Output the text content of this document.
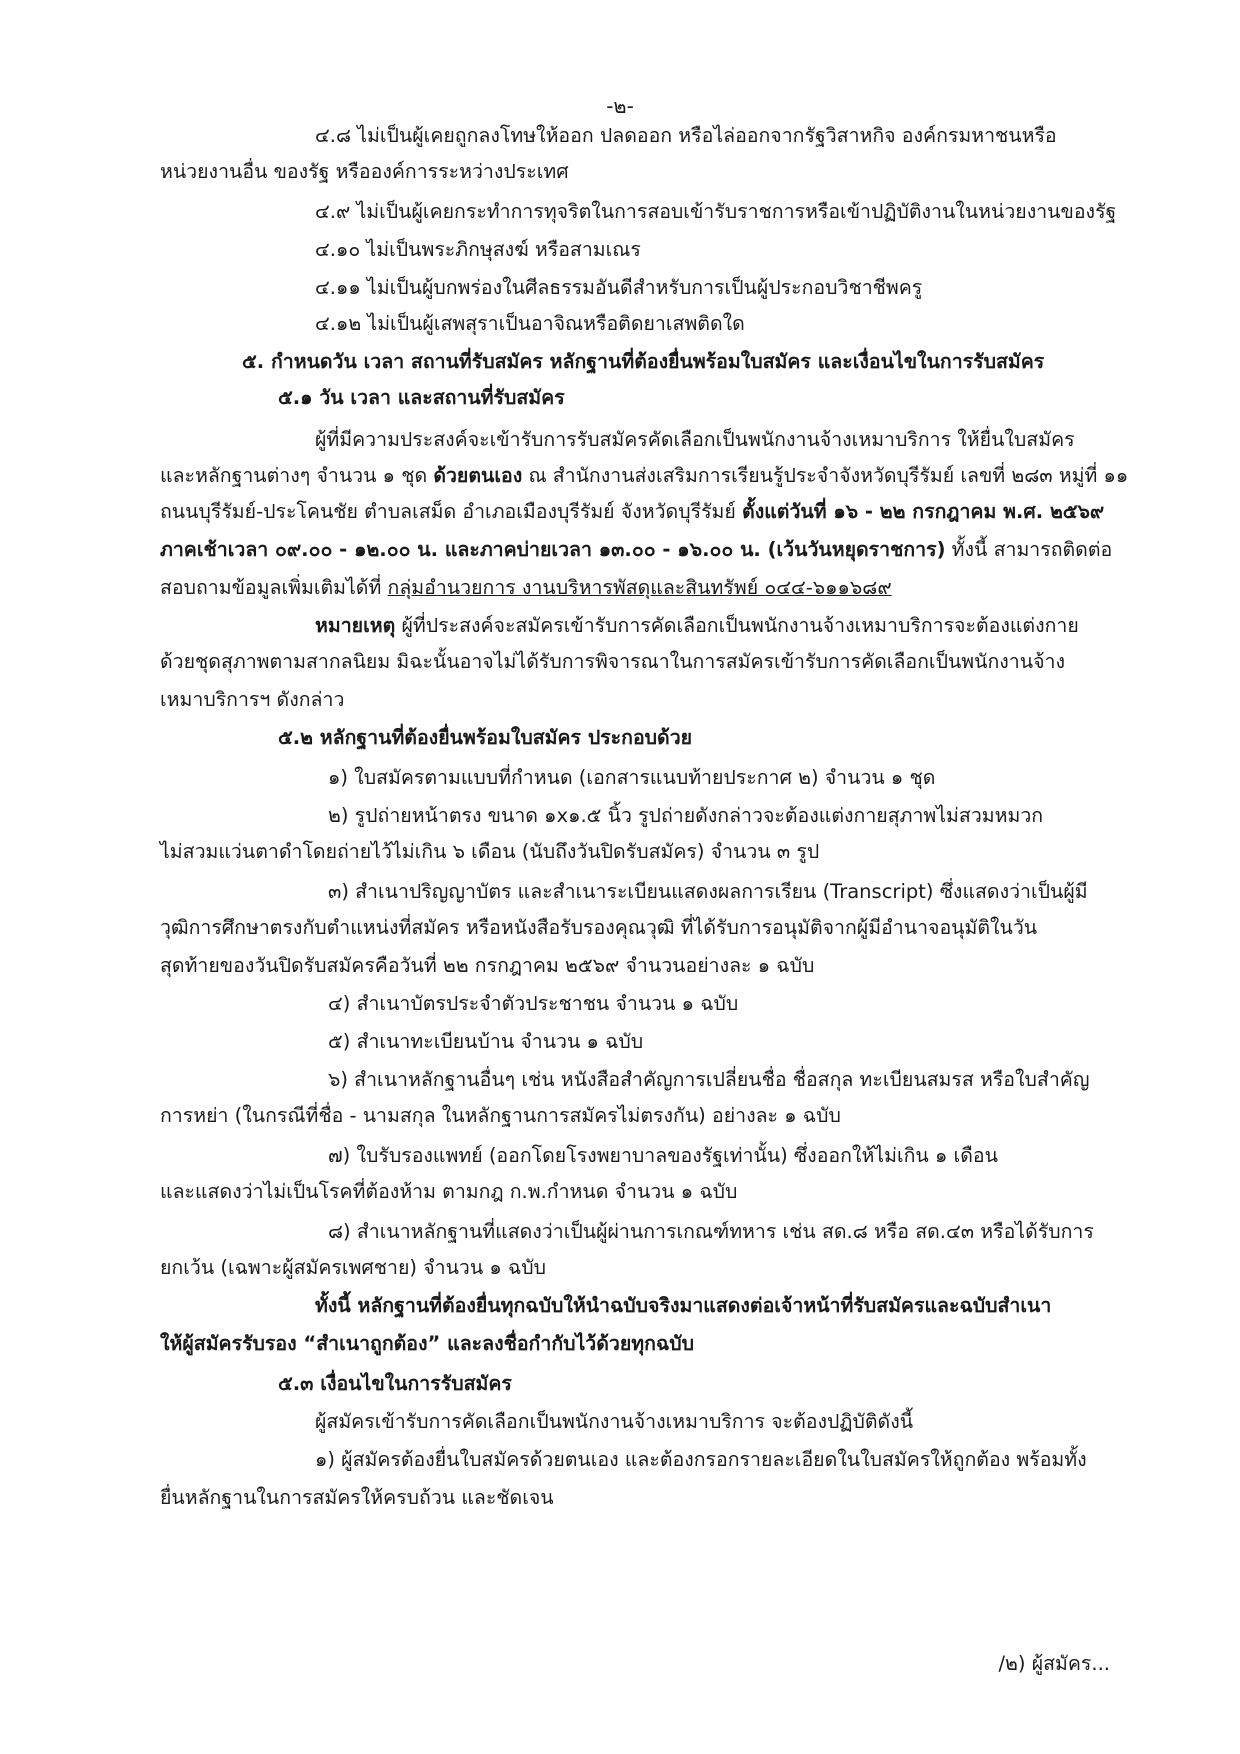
-๒-
๔.๘ ไม่เป็นผู้เคยถูกลงโทษให้ออก ปลดออก หรือไล่ออกจากรัฐวิสาหกิจ องค์กรมหาชนหรือ
หน่วยงานอื่น ของรัฐ หรือองค์การระหว่างประเทศ
๔.๙ ไม่เป็นผู้เคยกระทำการทุจริตในการสอบเข้ารับราชการหรือเข้าปฏิบัติงานในหน่วยงานของรัฐ
๔.๑๐ ไม่เป็นพระภิกษุสงฆ์ หรือสามเณร
๔.๑๑ ไม่เป็นผู้บกพร่องในศีลธรรมอันดีสำหรับการเป็นผู้ประกอบวิชาชีพครู
๔.๑๒ ไม่เป็นผู้เสพสุราเป็นอาจิณหรือติดยาเสพติดใด
๕. กำหนดวัน เวลา สถานที่รับสมัคร หลักฐานที่ต้องยื่นพร้อมใบสมัคร และเงื่อนไขในการรับสมัคร
๕.๑ วัน เวลา และสถานที่รับสมัคร
ผู้ที่มีความประสงค์จะเข้ารับการรับสมัครคัดเลือกเป็นพนักงานจ้างเหมาบริการ ให้ยื่นใบสมัคร
และหลักฐานต่างๆ จำนวน ๑ ชุด ด้วยตนเอง ณ สำนักงานส่งเสริมการเรียนรู้ประจำจังหวัดบุรีรัมย์ เลขที่ ๒๘๓ หมู่ที่ ๑๑
ถนนบุรีรัมย์-ประโคนชัย ตำบลเสม็ด อำเภอเมืองบุรีรัมย์ จังหวัดบุรีรัมย์ ตั้งแต่วันที่ ๑๖ - ๒๒ กรกฎาคม พ.ศ. ๒๕๖๙
ภาคเช้าเวลา ๐๙.๐๐ - ๑๒.๐๐ น. และภาคบ่ายเวลา ๑๓.๐๐ - ๑๖.๐๐ น. (เว้นวันหยุดราชการ) ทั้งนี้ สามารถติดต่อ
สอบถามข้อมูลเพิ่มเติมได้ที่ กลุ่มอำนวยการ งานบริหารพัสดุและสินทรัพย์ ๐๔๔-๖๑๑๖๘๙
หมายเหตุ ผู้ที่ประสงค์จะสมัครเข้ารับการคัดเลือกเป็นพนักงานจ้างเหมาบริการจะต้องแต่งกาย
ด้วยชุดสุภาพตามสากลนิยม มิฉะนั้นอาจไม่ได้รับการพิจารณาในการสมัครเข้ารับการคัดเลือกเป็นพนักงานจ้าง
เหมาบริการฯ ดังกล่าว
๕.๒ หลักฐานที่ต้องยื่นพร้อมใบสมัคร ประกอบด้วย
๑) ใบสมัครตามแบบที่กำหนด (เอกสารแนบท้ายประกาศ ๒) จำนวน ๑ ชุด
๒) รูปถ่ายหน้าตรง ขนาด ๑x๑.๕ นิ้ว รูปถ่ายดังกล่าวจะต้องแต่งกายสุภาพไม่สวมหมวก
ไม่สวมแว่นตาดำโดยถ่ายไว้ไม่เกิน ๖ เดือน (นับถึงวันปิดรับสมัคร) จำนวน ๓ รูป
๓) สำเนาปริญญาบัตร และสำเนาระเบียนแสดงผลการเรียน (Transcript) ซึ่งแสดงว่าเป็นผู้มี
วุฒิการศึกษาตรงกับตำแหน่งที่สมัคร หรือหนังสือรับรองคุณวุฒิ ที่ได้รับการอนุมัติจากผู้มีอำนาจอนุมัติในวัน
สุดท้ายของวันปิดรับสมัครคือวันที่ ๒๒ กรกฎาคม ๒๕๖๙ จำนวนอย่างละ ๑ ฉบับ
๔) สำเนาบัตรประจำตัวประชาชน จำนวน ๑ ฉบับ
๕) สำเนาทะเบียนบ้าน จำนวน ๑ ฉบับ
๖) สำเนาหลักฐานอื่นๆ เช่น หนังสือสำคัญการเปลี่ยนชื่อ ชื่อสกุล ทะเบียนสมรส หรือใบสำคัญ
การหย่า (ในกรณีที่ชื่อ - นามสกุล ในหลักฐานการสมัครไม่ตรงกัน) อย่างละ ๑ ฉบับ
๗) ใบรับรองแพทย์ (ออกโดยโรงพยาบาลของรัฐเท่านั้น) ซึ่งออกให้ไม่เกิน ๑ เดือน
และแสดงว่าไม่เป็นโรคที่ต้องห้าม ตามกฎ ก.พ.กำหนด จำนวน ๑ ฉบับ
๘) สำเนาหลักฐานที่แสดงว่าเป็นผู้ผ่านการเกณฑ์ทหาร เช่น สด.๘ หรือ สด.๔๓ หรือได้รับการ
ยกเว้น (เฉพาะผู้สมัครเพศชาย) จำนวน ๑ ฉบับ
ทั้งนี้ หลักฐานที่ต้องยื่นทุกฉบับให้นำฉบับจริงมาแสดงต่อเจ้าหน้าที่รับสมัครและฉบับสำเนา
ให้ผู้สมัครรับรอง “สำเนาถูกต้อง” และลงชื่อกำกับไว้ด้วยทุกฉบับ
๕.๓ เงื่อนไขในการรับสมัคร
ผู้สมัครเข้ารับการคัดเลือกเป็นพนักงานจ้างเหมาบริการ จะต้องปฏิบัติดังนี้
๑) ผู้สมัครต้องยื่นใบสมัครด้วยตนเอง และต้องกรอกรายละเอียดในใบสมัครให้ถูกต้อง พร้อมทั้ง
ยื่นหลักฐานในการสมัครให้ครบถ้วน และชัดเจน
/๒) ผู้สมัคร...
